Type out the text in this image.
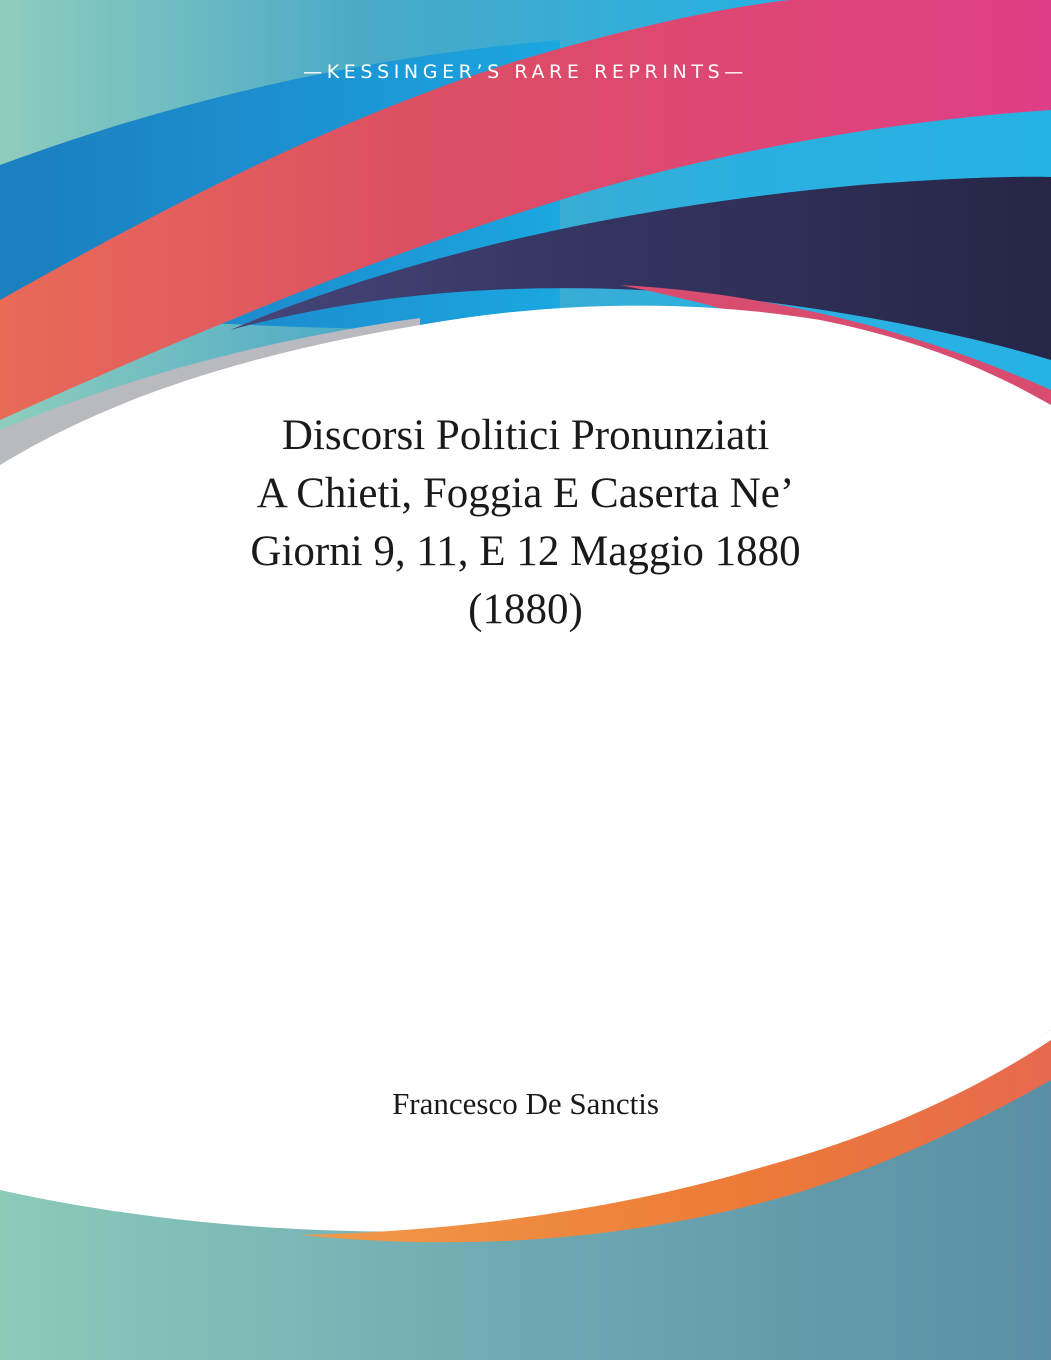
—KESSINGER’S RARE REPRINTS—
Discorsi Politici Pronunziati
A Chieti, Foggia E Caserta Ne’
Giorni 9, 11, E 12 Maggio 1880
(1880)
Francesco De Sanctis
